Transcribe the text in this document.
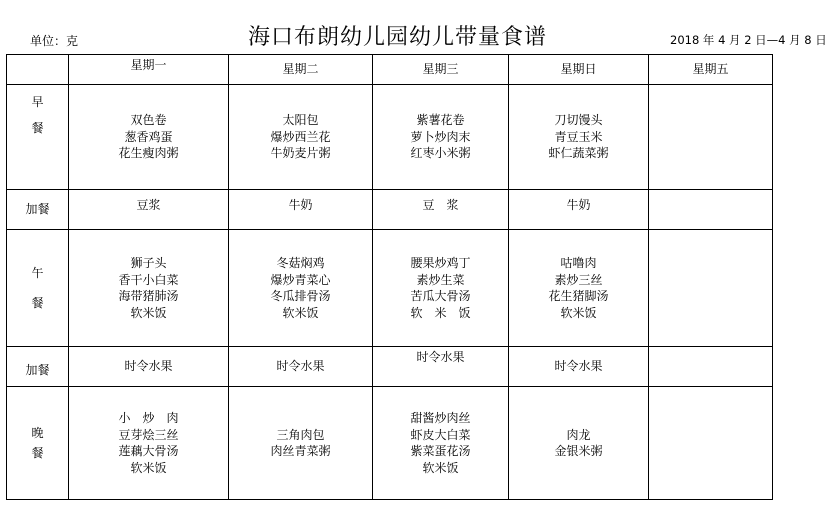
单位：克	海口布朗幼儿园幼儿带量食谱	2018 年 4 月 2 日—4 月 8 日
	星期一	星期二	星期三	星期日	星期五

早
餐	双色卷
葱香鸡蛋
花生瘦肉粥	太阳包
爆炒西兰花
牛奶麦片粥	紫薯花卷
萝卜炒肉末
红枣小米粥	刀切馒头
青豆玉米
虾仁蔬菜粥	

加餐	豆浆	牛奶	豆　浆	牛奶	

午
餐	狮子头
香干小白菜
海带猪肺汤
软米饭	冬菇焖鸡
爆炒青菜心
冬瓜排骨汤
软米饭	腰果炒鸡丁
素炒生菜
苦瓜大骨汤
软　米　饭	咕噜肉
素炒三丝
花生猪脚汤
软米饭	

加餐	时令水果	时令水果	时令水果	时令水果	

晚
餐	小　炒　肉
豆芽烩三丝
莲藕大骨汤
软米饭	三角肉包
肉丝青菜粥	甜酱炒肉丝
虾皮大白菜
紫菜蛋花汤
软米饭	肉龙
金银米粥	
